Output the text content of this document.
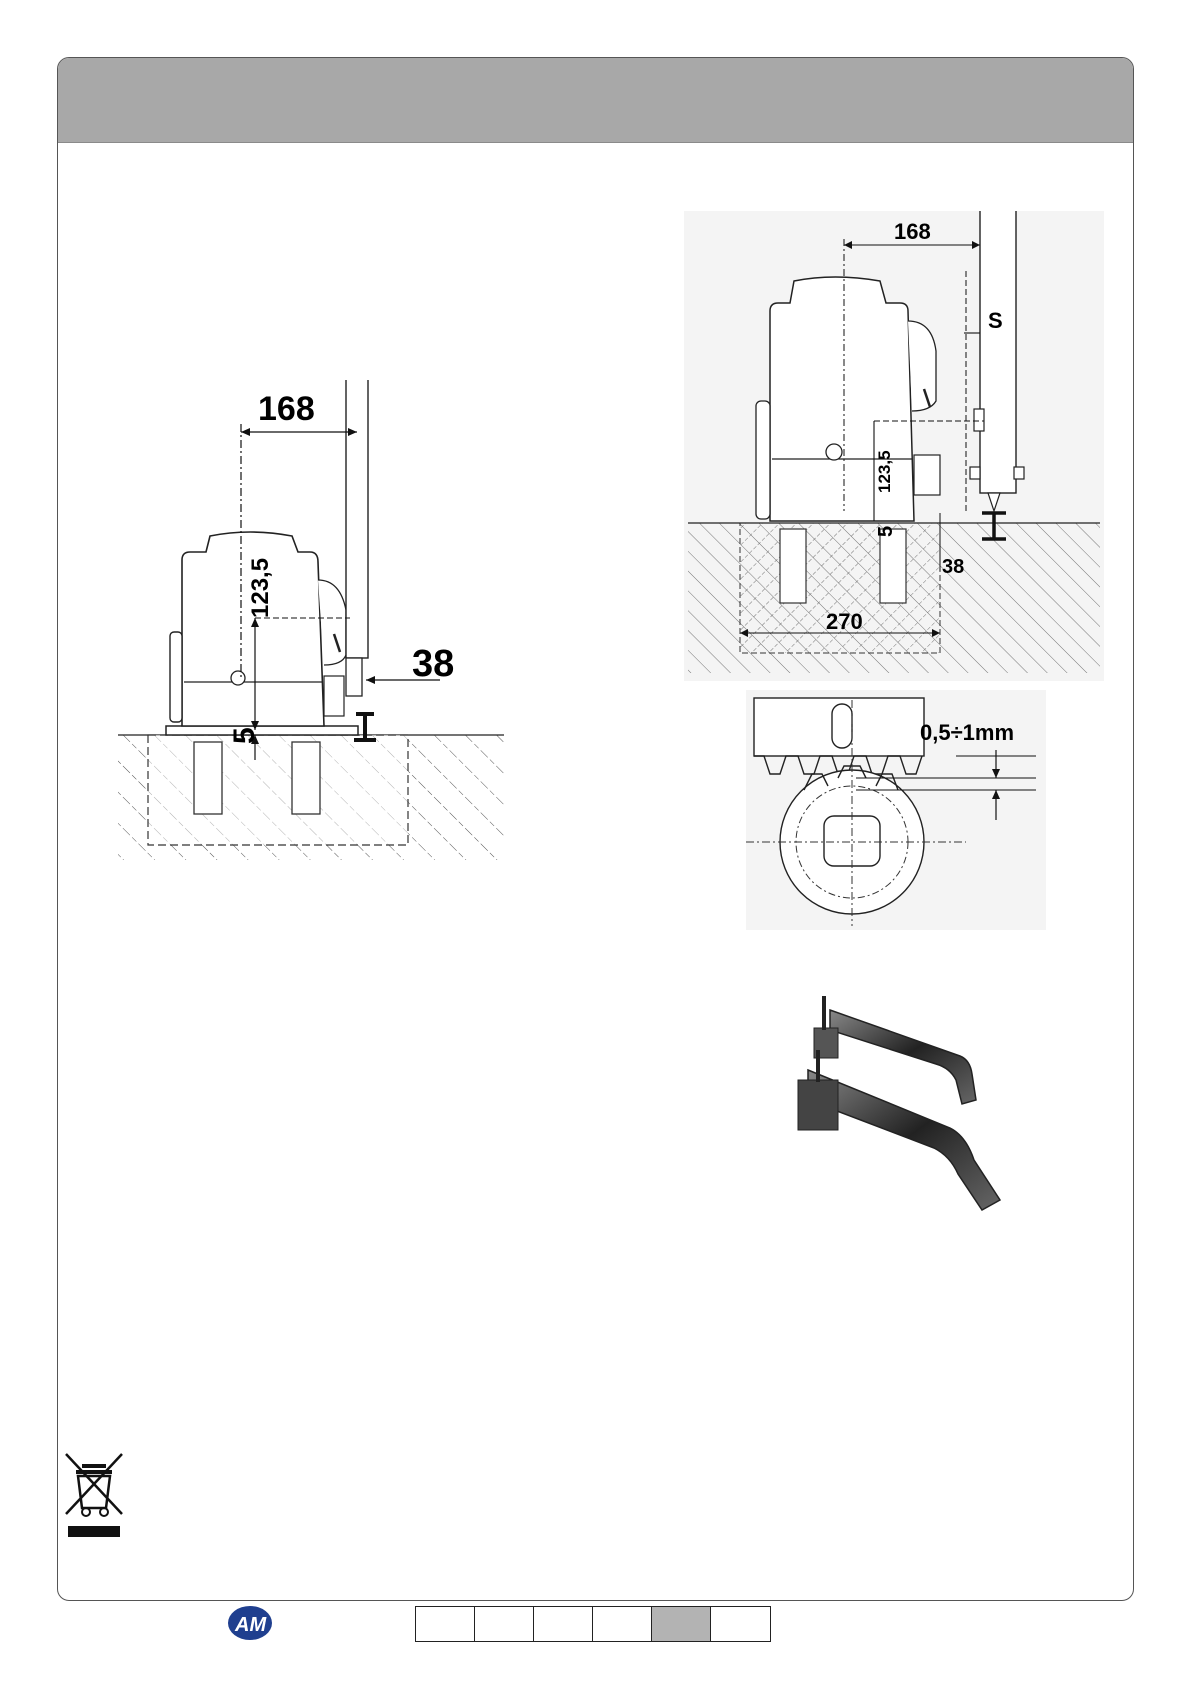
168
123,5
5
38
168
S
123,5
5
38
270
0,5÷1mm
AM
